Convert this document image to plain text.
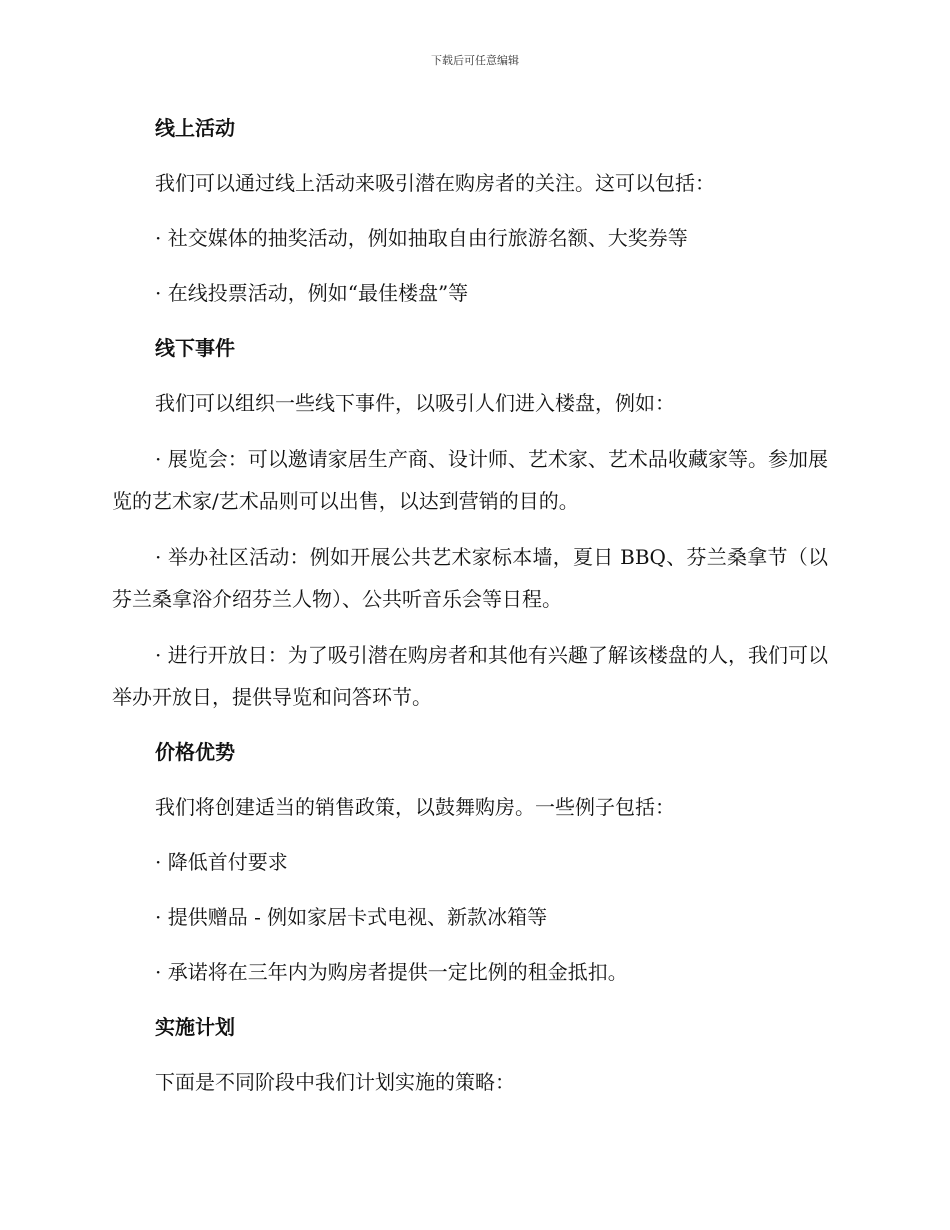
下载后可任意编辑
线上活动

我们可以通过线上活动来吸引潜在购房者的关注。这可以包括：

· 社交媒体的抽奖活动，例如抽取自由行旅游名额、大奖券等

· 在线投票活动，例如“最佳楼盘”等

线下事件

我们可以组织一些线下事件，以吸引人们进入楼盘，例如：

· 展览会：可以邀请家居生产商、设计师、艺术家、艺术品收藏家等。参加展览的艺术家/艺术品则可以出售，以达到营销的目的。

· 举办社区活动：例如开展公共艺术家标本墙，夏日 BBQ、芬兰桑拿节（以芬兰桑拿浴介绍芬兰人物）、公共听音乐会等日程。

· 进行开放日：为了吸引潜在购房者和其他有兴趣了解该楼盘的人，我们可以举办开放日，提供导览和问答环节。

价格优势

我们将创建适当的销售政策，以鼓舞购房。一些例子包括：

· 降低首付要求

· 提供赠品 - 例如家居卡式电视、新款冰箱等

· 承诺将在三年内为购房者提供一定比例的租金抵扣。

实施计划

下面是不同阶段中我们计划实施的策略：
